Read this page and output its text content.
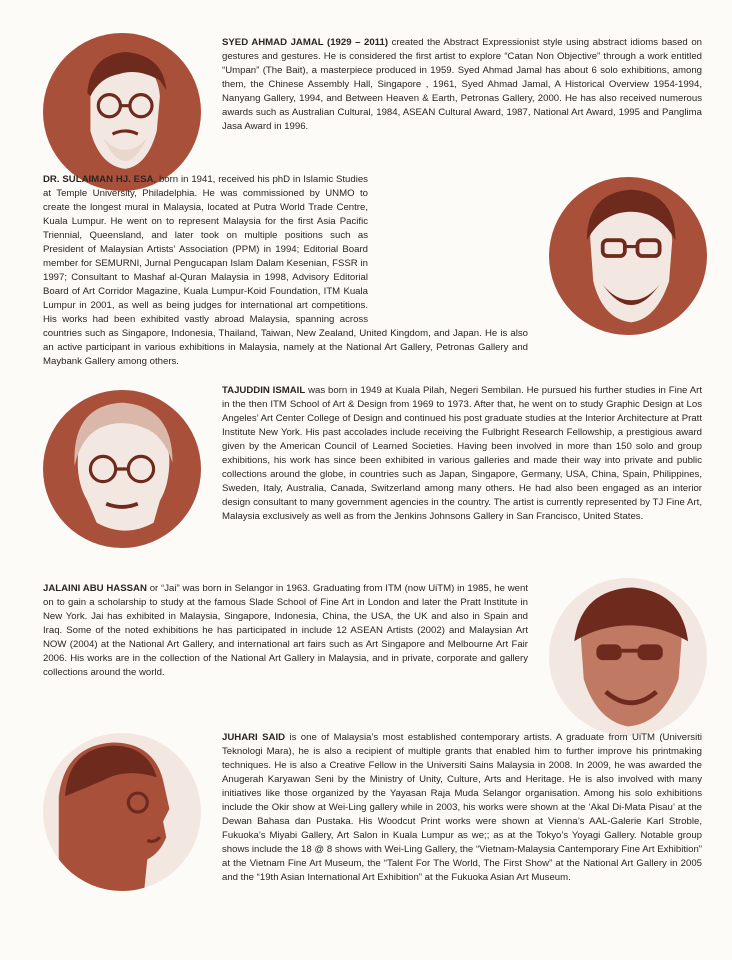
SYED AHMAD JAMAL (1929 – 2011) created the Abstract Expressionist style using abstract idioms based on gestures and gestures. He is considered the first artist to explore “Catan Non Objective” through a work entitled “Umpan” (The Bait), a masterpiece produced in 1959. Syed Ahmad Jamal has about 6 solo exhibitions, among them, the Chinese Assembly Hall, Singapore , 1961, Syed Ahmad Jamal, A Historical Overview 1954-1994, Nanyang Gallery, 1994, and Between Heaven & Earth, Petronas Gallery, 2000. He has also received numerous awards such as Australian Cultural, 1984, ASEAN Cultural Award, 1987, National Art Award, 1995 and Panglima Jasa Award in 1996.

DR. SULAIMAN HJ. ESA, born in 1941, received his phD in Islamic Studies at Temple University, Philadelphia. He was commissioned by UNMO to create the longest mural in Malaysia, located at Putra World Trade Centre, Kuala Lumpur. He went on to represent Malaysia for the first Asia Pacific Triennial, Queensland, and later took on multiple positions such as President of Malaysian Artists’ Association (PPM) in 1994; Editorial Board member for SEMURNI, Jurnal Pengucapan Islam Dalam Kesenian, FSSR in 1997; Consultant to Mashaf al-Quran Malaysia in 1998, Advisory Editorial Board of Art Corridor Magazine, Kuala Lumpur-Koid Foundation, ITM Kuala Lumpur in 2001, as well as being judges for international art competitions. His works had been exhibited vastly abroad Malaysia, spanning across countries such as Singapore, Indonesia, Thailand, Taiwan, New Zealand, United Kingdom, and Japan. He is also an active participant in various exhibitions in Malaysia, namely at the National Art Gallery, Petronas Gallery and Maybank Gallery among others.

TAJUDDIN ISMAIL was born in 1949 at Kuala Pilah, Negeri Sembilan. He pursued his further studies in Fine Art in the then ITM School of Art & Design from 1969 to 1973. After that, he went on to study Graphic Design at Los Angeles’ Art Center College of Design and continued his post graduate studies at the Interior Architecture at Pratt Institute New York. His past accolades include receiving the Fulbright Research Fellowship, a prestigious award given by the American Council of Learned Societies. Having been involved in more than 150 solo and group exhibitions, his work has since been exhibited in various galleries and made their way into private and public collections around the globe, in countries such as Japan, Singapore, Germany, USA, China, Spain, Philippines, Sweden, Italy, Australia, Canada, Switzerland among many others. He had also been engaged as an interior design consultant to many government agencies in the country. The artist is currently represented by TJ Fine Art, Malaysia exclusively as well as from the Jenkins Johnsons Gallery in San Francisco, United States.

JALAINI ABU HASSAN or “Jai” was born in Selangor in 1963. Graduating from ITM (now UiTM) in 1985, he went on to gain a scholarship to study at the famous Slade School of Fine Art in London and later the Pratt Institute in New York. Jai has exhibited in Malaysia, Singapore, Indonesia, China, the USA, the UK and also in Spain and Iraq. Some of the noted exhibitions he has participated in include 12 ASEAN Artists (2002) and Malaysian Art NOW (2004) at the National Art Gallery, and international art fairs such as Art Singapore and Melbourne Art Fair 2006. His works are in the collection of the National Art Gallery in Malaysia, and in private, corporate and gallery collections around the world.

JUHARI SAID is one of Malaysia’s most established contemporary artists. A graduate from UiTM (Universiti Teknologi Mara), he is also a recipient of multiple grants that enabled him to further improve his printmaking techniques. He is also a Creative Fellow in the Universiti Sains Malaysia in 2008. In 2009, he was awarded the Anugerah Karyawan Seni by the Ministry of Unity, Culture, Arts and Heritage. He is also involved with many initiatives like those organized by the Yayasan Raja Muda Selangor organisation. Among his solo exhibitions include the Okir show at Wei-Ling gallery while in 2003, his works were shown at the ‘Akal Di-Mata Pisau’ at the Dewan Bahasa dan Pustaka. His Woodcut Print works were shown at Vienna’s AAL-Galerie Karl Stroble, Fukuoka’s Miyabi Gallery, Art Salon in Kuala Lumpur as we;; as at the Tokyo’s Yoyagi Gallery. Notable group shows include the 18 @ 8 shows with Wei-Ling Gallery, the “Vietnam-Malaysia Cantemporary Fine Art Exhibition” at the Vietnam Fine Art Museum, the “Talent For The World, The First Show” at the National Art Gallery in 2005 and the “19th Asian International Art Exhibition” at the Fukuoka Asian Art Museum.
